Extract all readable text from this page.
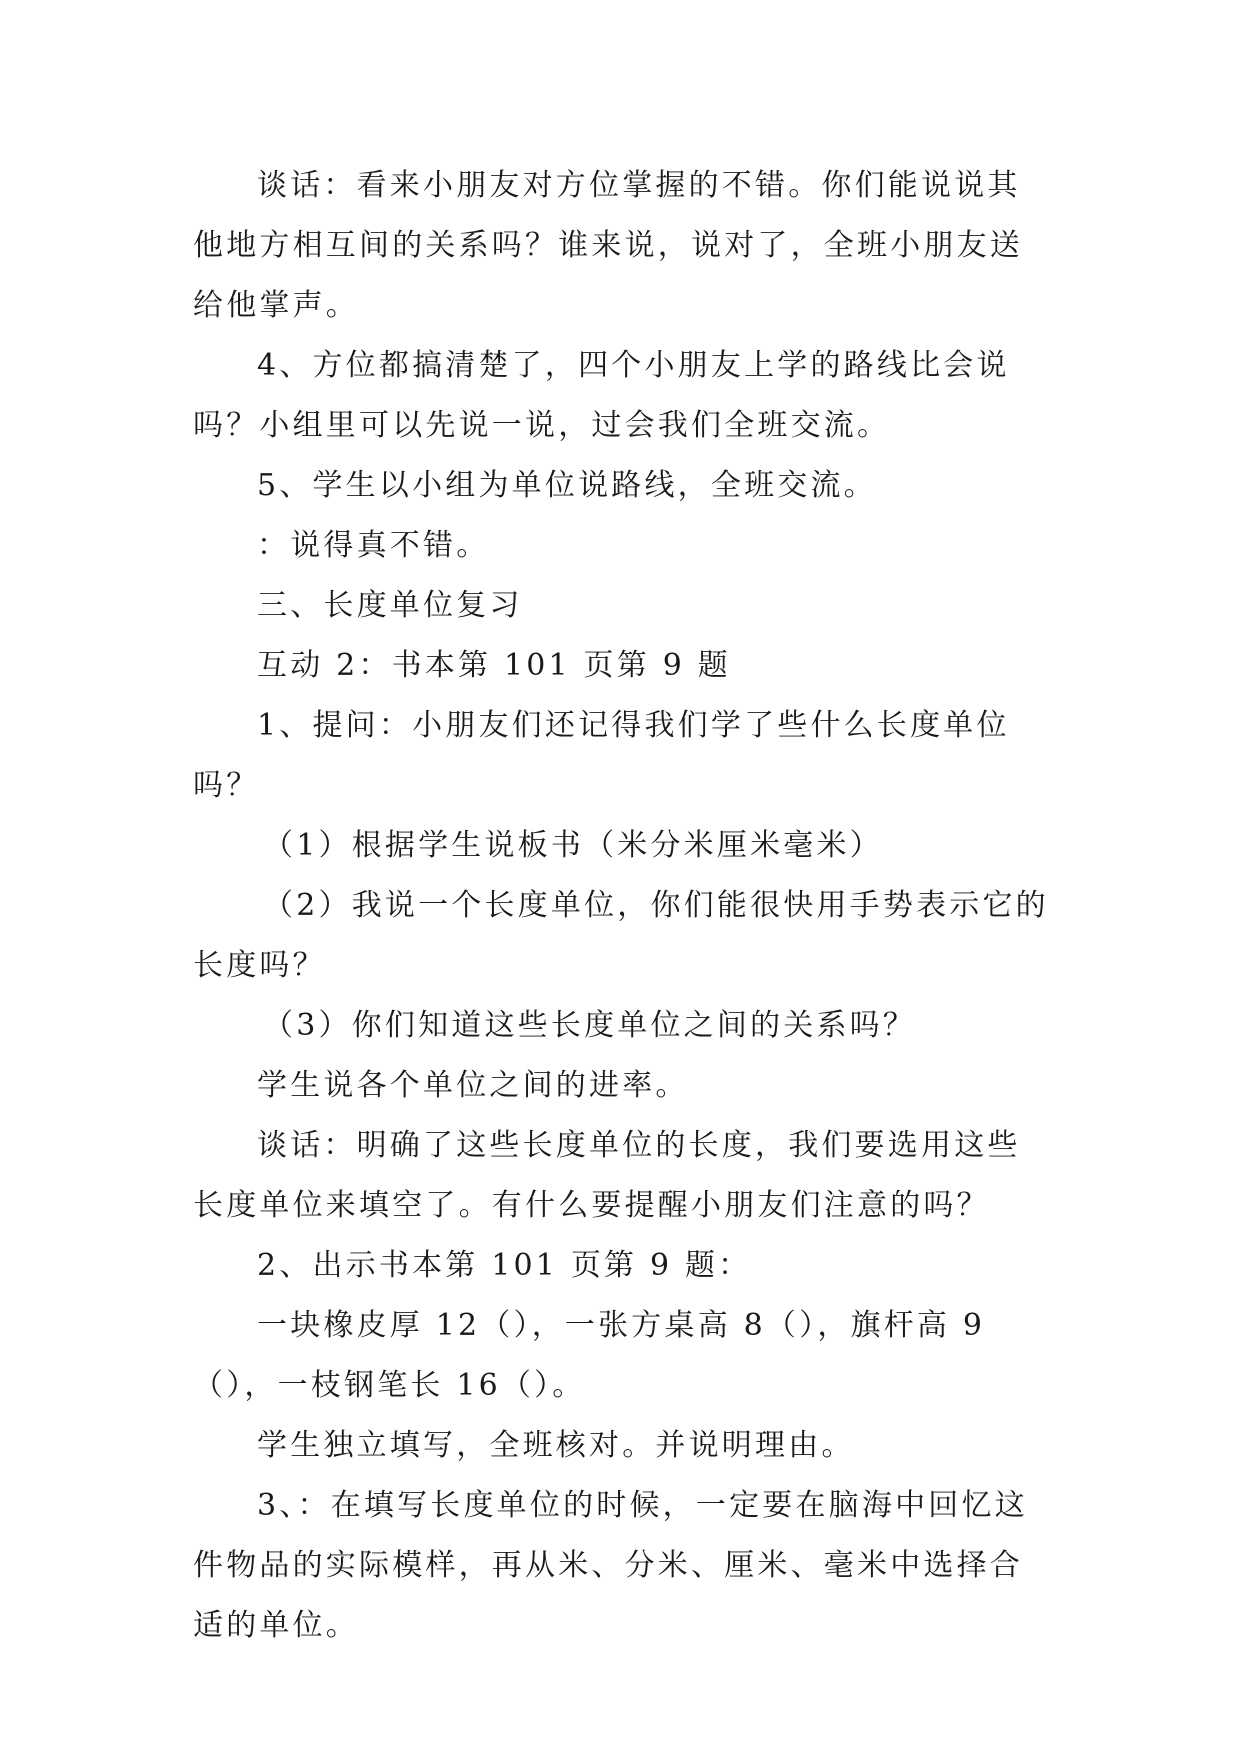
谈话：看来小朋友对方位掌握的不错。你们能说说其他地方相互间的关系吗？谁来说，说对了，全班小朋友送给他掌声。

4、方位都搞清楚了，四个小朋友上学的路线比会说吗？小组里可以先说一说，过会我们全班交流。

5、学生以小组为单位说路线，全班交流。

：说得真不错。

三、长度单位复习

互动 2：书本第 101 页第 9 题

1、提问：小朋友们还记得我们学了些什么长度单位吗？

（1）根据学生说板书（米分米厘米毫米）

（2）我说一个长度单位，你们能很快用手势表示它的长度吗？

（3）你们知道这些长度单位之间的关系吗？

学生说各个单位之间的进率。

谈话：明确了这些长度单位的长度，我们要选用这些长度单位来填空了。有什么要提醒小朋友们注意的吗？

2、出示书本第 101 页第 9 题：

一块橡皮厚 12（），一张方桌高 8（），旗杆高 9（），一枝钢笔长 16（）。

学生独立填写，全班核对。并说明理由。

3、：在填写长度单位的时候，一定要在脑海中回忆这件物品的实际模样，再从米、分米、厘米、毫米中选择合适的单位。
